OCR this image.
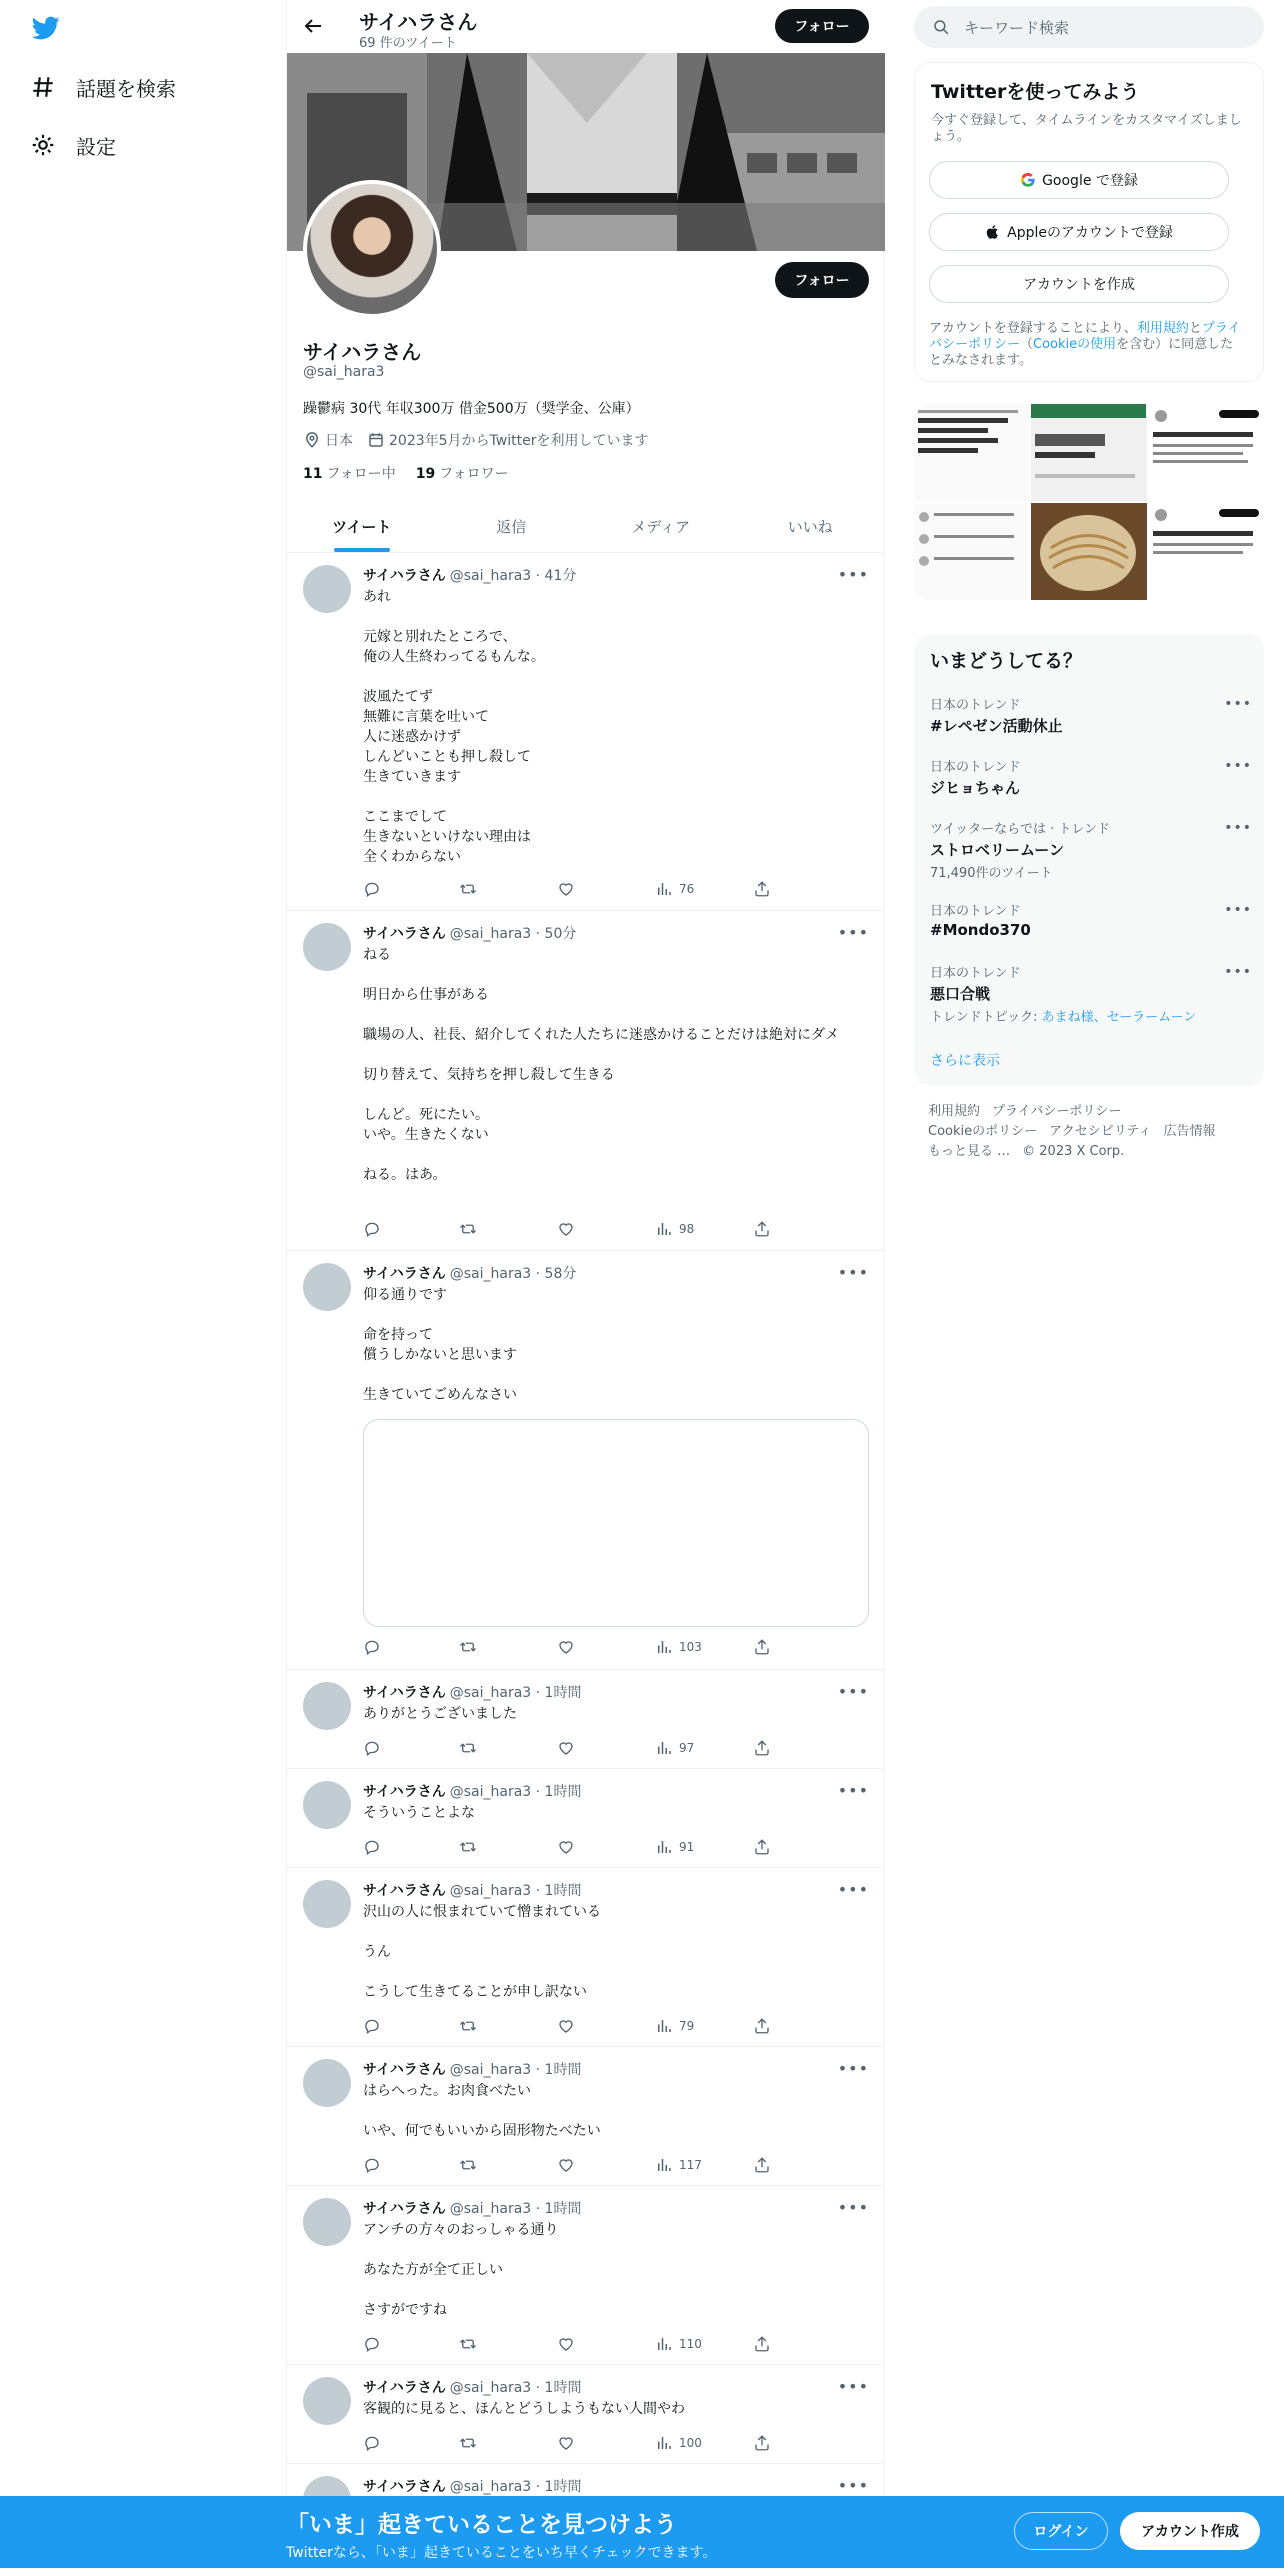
話題を検索
設定
サイハラさん
69 件のツイート
フォロー
フォロー
サイハラさん
@sai_hara3
躁鬱病 30代 年収300万 借金500万（奨学金、公庫）
日本	2023年5月からTwitterを利用しています
11 フォロー中 19 フォロワー
ツイート	返信	メディア	いいね
サイハラさん @sai_hara3 · 41分	•••
あれ

元嫁と別れたところで、
俺の人生終わってるもんな。

波風たてず
無難に言葉を吐いて
人に迷惑かけず
しんどいことも押し殺して
生きていきます

ここまでして
生きないといけない理由は
全くわからない
76
サイハラさん @sai_hara3 · 50分	•••
ねる

明日から仕事がある

職場の人、社長、紹介してくれた人たちに迷惑かけることだけは絶対にダメ

切り替えて、気持ちを押し殺して生きる

しんど。死にたい。
いや。生きたくない

ねる。はあ。
98
サイハラさん @sai_hara3 · 58分	•••
仰る通りです

命を持って
償うしかないと思います

生きていてごめんなさい
103
サイハラさん @sai_hara3 · 1時間	•••
ありがとうございました
97
サイハラさん @sai_hara3 · 1時間	•••
そういうことよな
91
サイハラさん @sai_hara3 · 1時間	•••
沢山の人に恨まれていて憎まれている

うん

こうして生きてることが申し訳ない
79
サイハラさん @sai_hara3 · 1時間	•••
はらへった。お肉食べたい

いや、何でもいいから固形物たべたい
117
サイハラさん @sai_hara3 · 1時間	•••
アンチの方々のおっしゃる通り

あなた方が全て正しい

さすがですね
110
サイハラさん @sai_hara3 · 1時間	•••
客観的に見ると、ほんとどうしようもない人間やわ
100
サイハラさん @sai_hara3 · 1時間	•••
キーワード検索
Twitterを使ってみよう
今すぐ登録して、タイムラインをカスタマイズしましょう。
Google で登録
Appleのアカウントで登録
アカウントを作成
アカウントを登録することにより、利用規約とプライバシーポリシー（Cookieの使用を含む）に同意したとみなされます。
いまどうしてる？
日本のトレンド
#レペゼン活動休止
•••
日本のトレンド
ジヒョちゃん
•••
ツイッターならでは · トレンド
ストロベリームーン
71,490件のツイート
•••
日本のトレンド
#Mondo370
•••
日本のトレンド
悪口合戦
トレンドトピック: あまね様、セーラームーン
•••
さらに表示
利用規約 プライバシーポリシー
Cookieのポリシー アクセシビリティ 広告情報
もっと見る … © 2023 X Corp.
「いま」起きていることを見つけよう
Twitterなら、「いま」起きていることをいち早くチェックできます。
ログイン	アカウント作成
